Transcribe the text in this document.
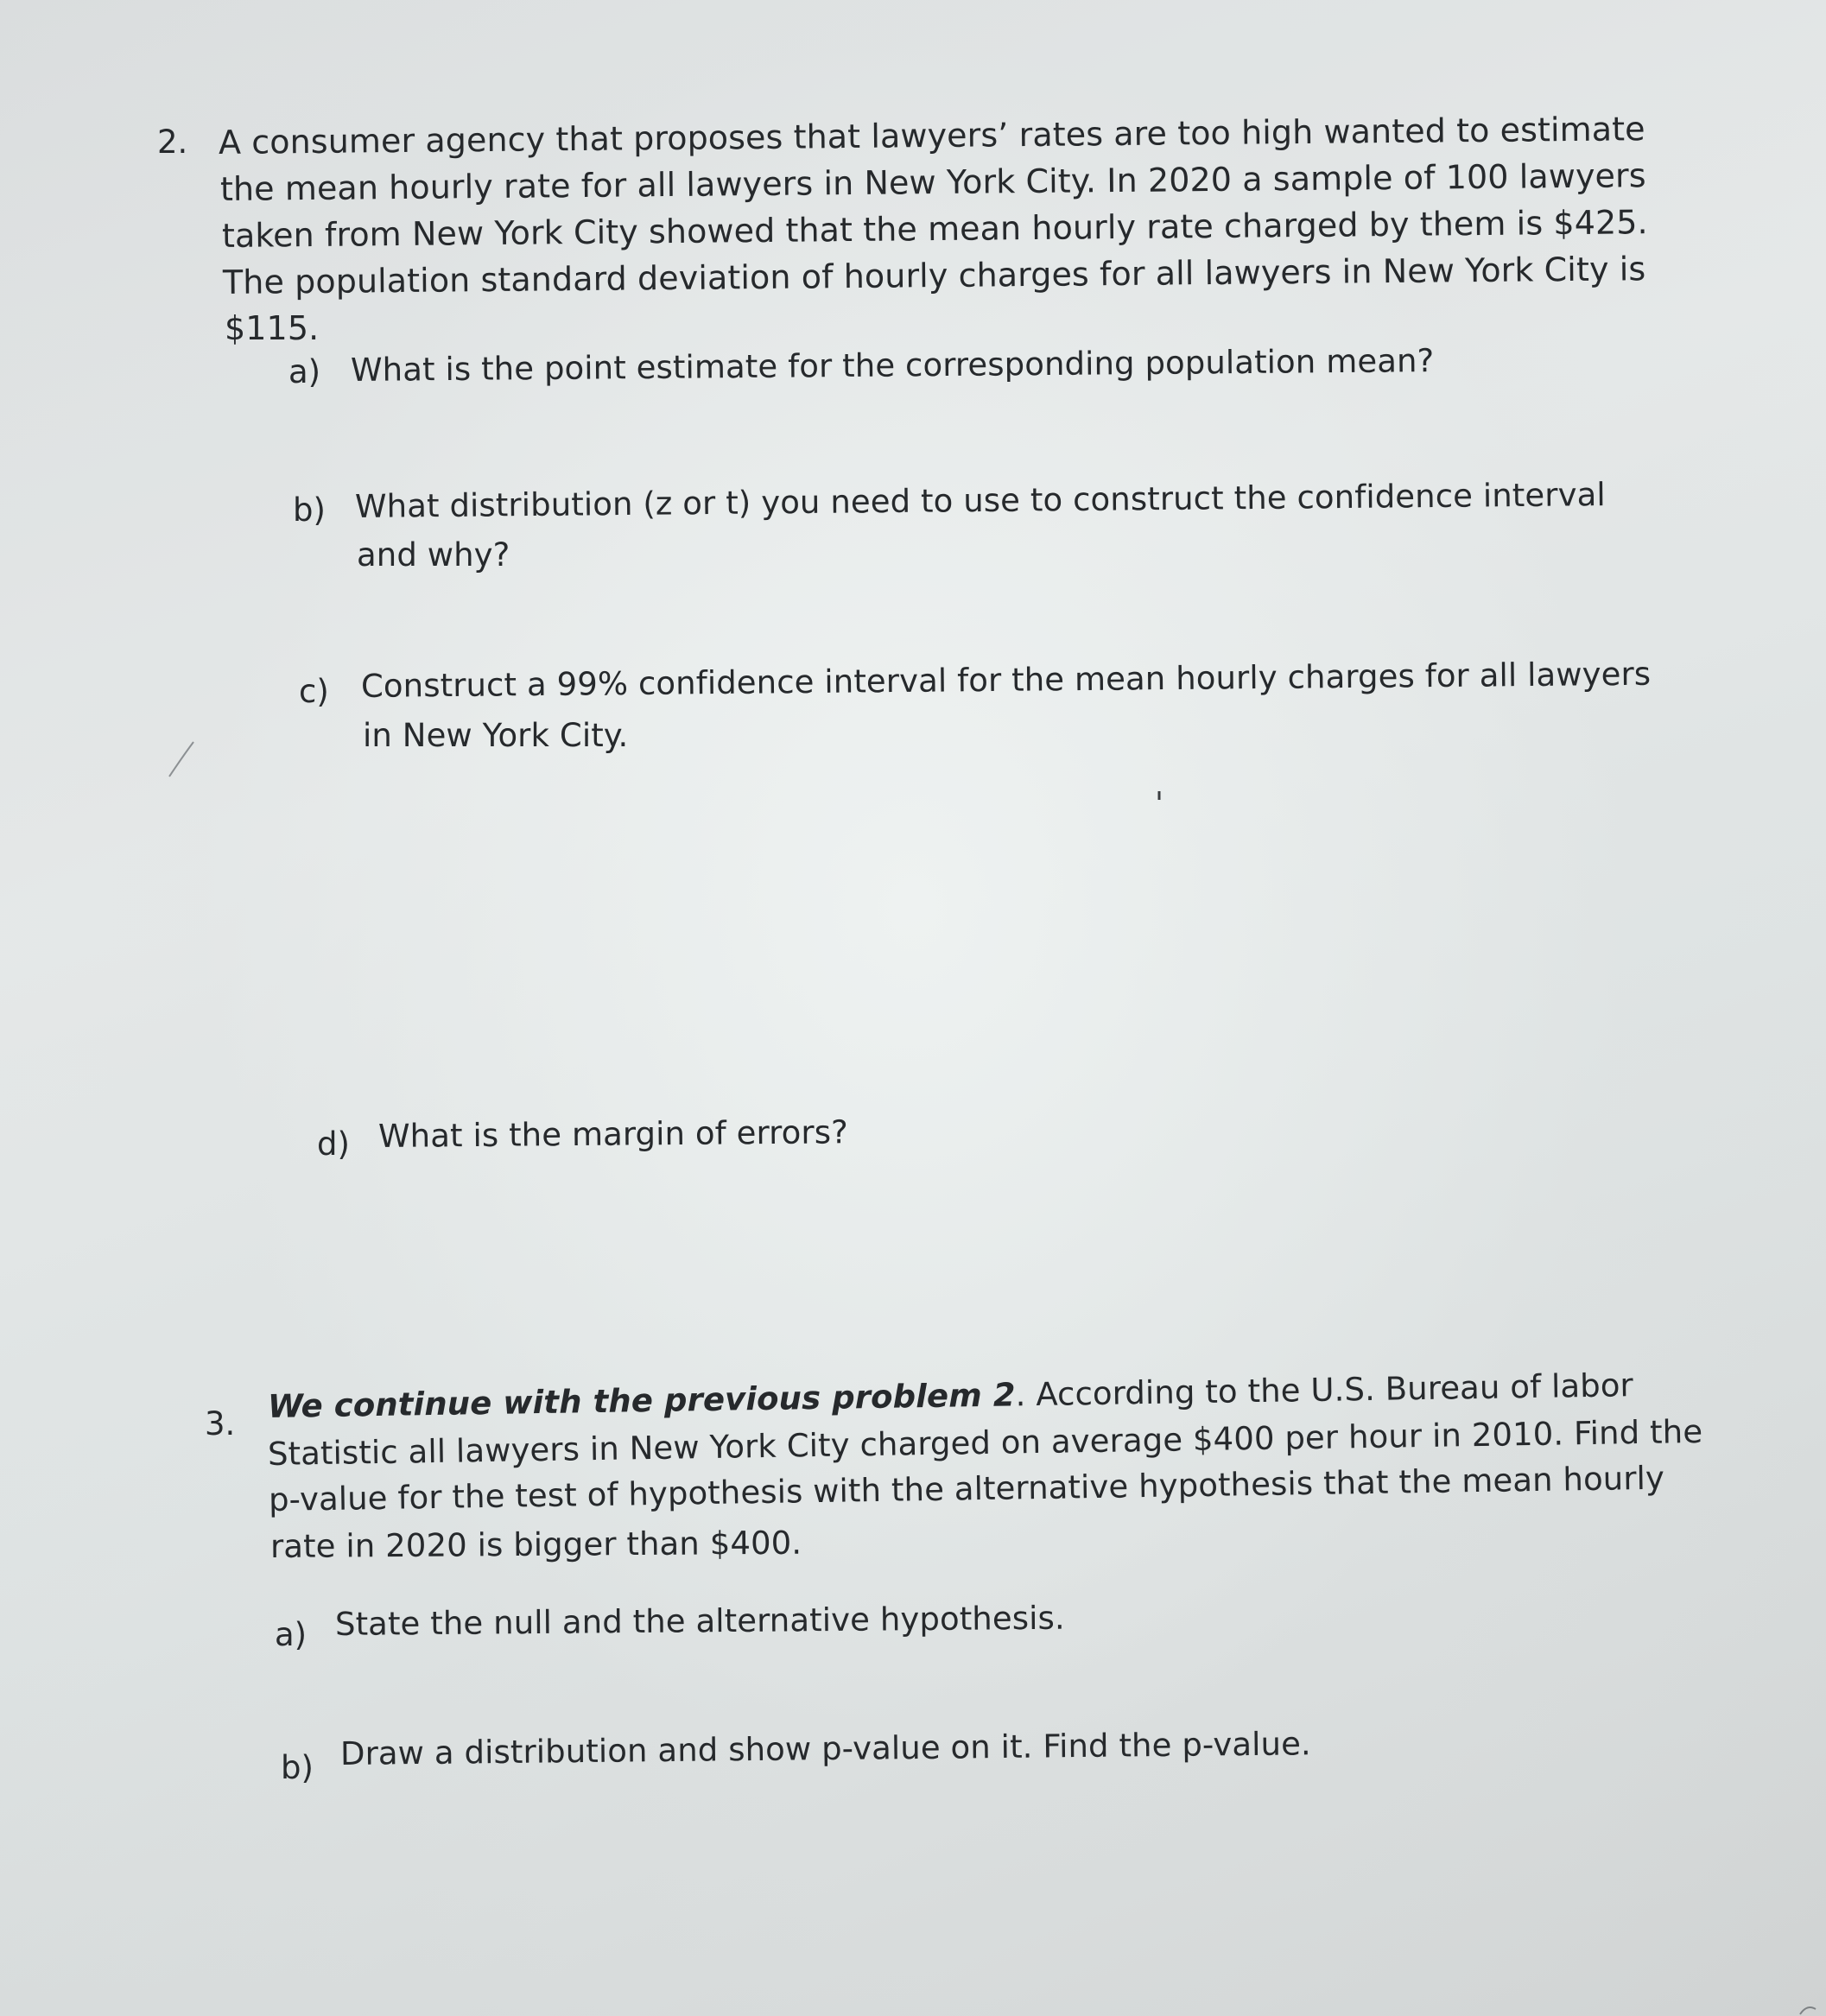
2. A consumer agency that proposes that lawyers’ rates are too high wanted to estimate
the mean hourly rate for all lawyers in New York City. In 2020 a sample of 100 lawyers
taken from New York City showed that the mean hourly rate charged by them is $425.
The population standard deviation of hourly charges for all lawyers in New York City is
$115.
a) What is the point estimate for the corresponding population mean?
b) What distribution (z or t) you need to use to construct the confidence interval
and why?
c) Construct a 99% confidence interval for the mean hourly charges for all lawyers
in New York City.
d) What is the margin of errors?
3. We continue with the previous problem 2. According to the U.S. Bureau of labor
Statistic all lawyers in New York City charged on average $400 per hour in 2010. Find the
p-value for the test of hypothesis with the alternative hypothesis that the mean hourly
rate in 2020 is bigger than $400.
a) State the null and the alternative hypothesis.
b) Draw a distribution and show p-value on it. Find the p-value.
